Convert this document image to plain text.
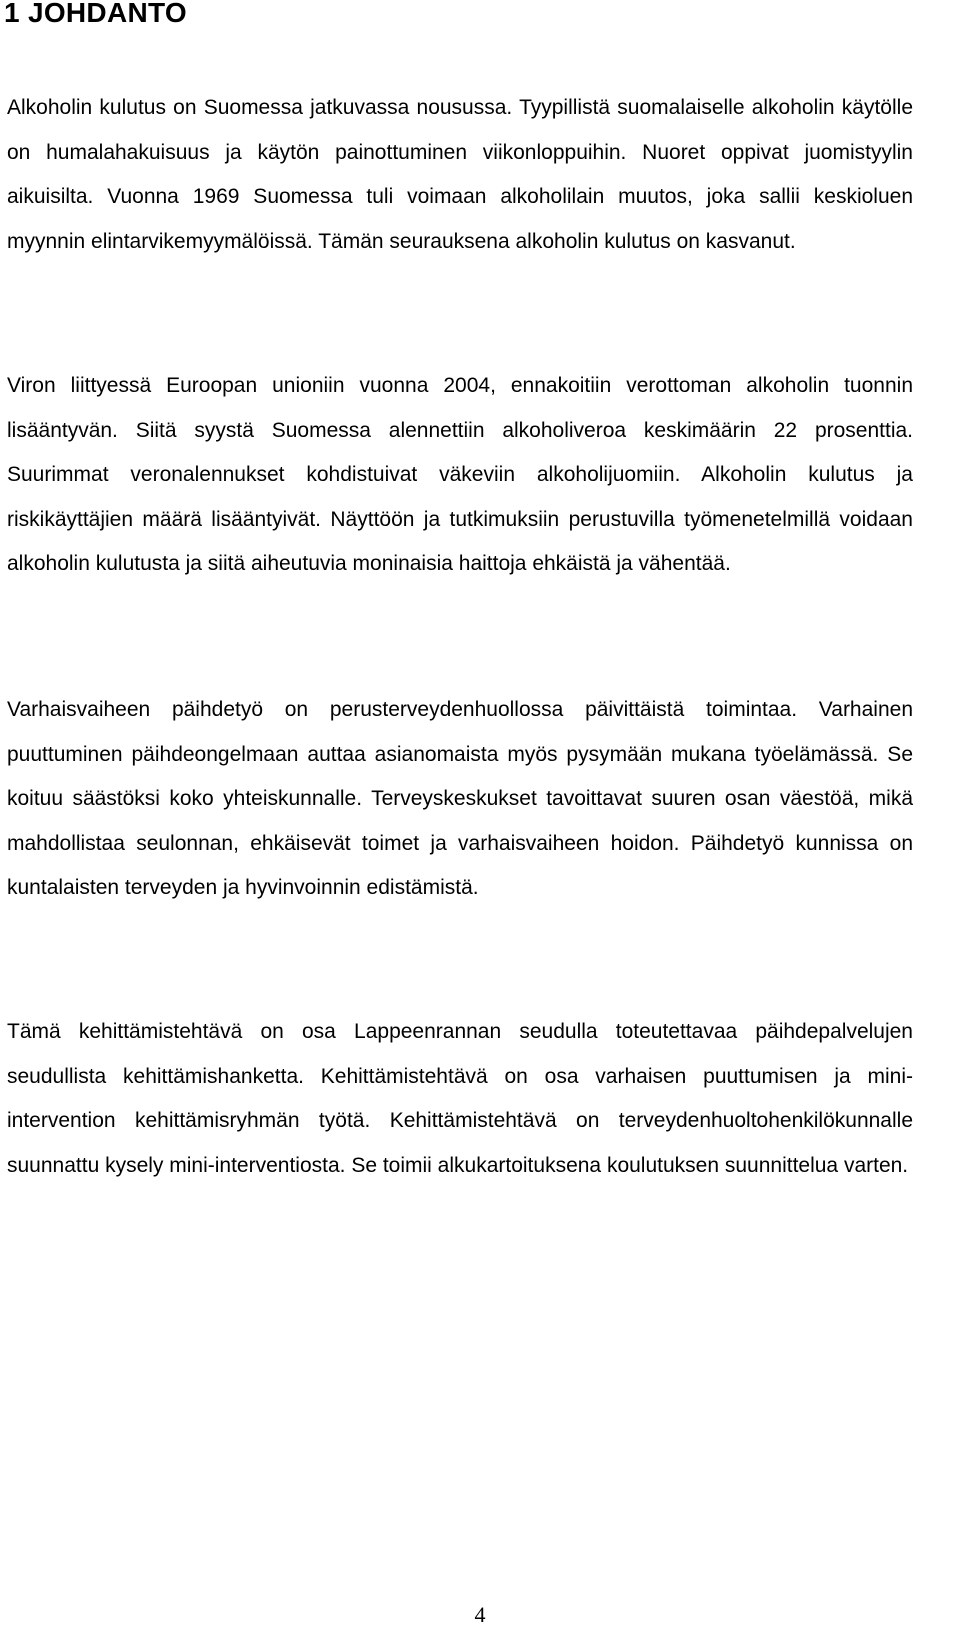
1 JOHDANTO

Alkoholin kulutus on Suomessa jatkuvassa nousussa. Tyypillistä suomalaiselle alkoholin käytölle on humalahakuisuus ja käytön painottuminen viikonloppuihin. Nuoret oppivat juomistyylin aikuisilta. Vuonna 1969 Suomessa tuli voimaan alkoholilain muutos, joka sallii keskioluen myynnin elintarvikemyymälöissä. Tämän seurauksena alkoholin kulutus on kasvanut.

Viron liittyessä Euroopan unioniin vuonna 2004, ennakoitiin verottoman alkoholin tuonnin lisääntyvän. Siitä syystä Suomessa alennettiin alkoholiveroa keskimäärin 22 prosenttia. Suurimmat veronalennukset kohdistuivat väkeviin alkoholijuomiin. Alkoholin kulutus ja riskikäyttäjien määrä lisääntyivät. Näyttöön ja tutkimuksiin perustuvilla työmenetelmillä voidaan alkoholin kulutusta ja siitä aiheutuvia moninaisia haittoja ehkäistä ja vähentää.

Varhaisvaiheen päihdetyö on perusterveydenhuollossa päivittäistä toimintaa. Varhainen puuttuminen päihdeongelmaan auttaa asianomaista myös pysymään mukana työelämässä. Se koituu säästöksi koko yhteiskunnalle. Terveyskeskukset tavoittavat suuren osan väestöä, mikä mahdollistaa seulonnan, ehkäisevät toimet ja varhaisvaiheen hoidon. Päihdetyö kunnissa on kuntalaisten terveyden ja hyvinvoinnin edistämistä.

Tämä kehittämistehtävä on osa Lappeenrannan seudulla toteutettavaa päihdepalvelujen seudullista kehittämishanketta. Kehittämistehtävä on osa varhaisen puuttumisen ja mini-intervention kehittämisryhmän työtä. Kehittämistehtävä on terveydenhuoltohenkilökunnalle suunnattu kysely mini-interventiosta. Se toimii alkukartoituksena koulutuksen suunnittelua varten.

4
